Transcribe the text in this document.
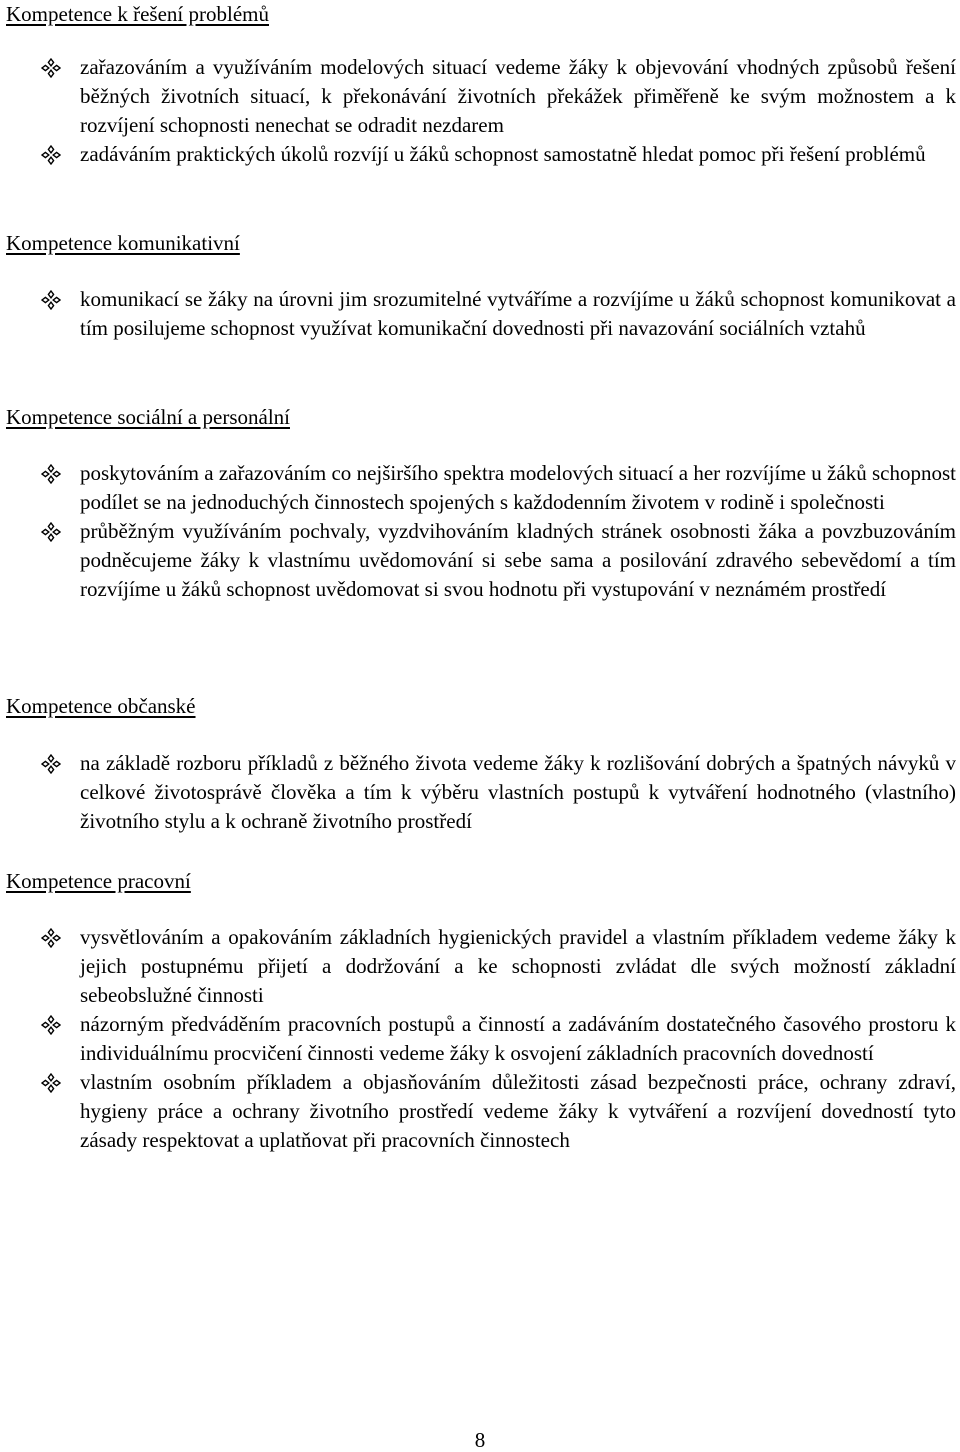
Kompetence k řešení problémů
zařazováním a využíváním modelových situací vedeme žáky k objevování vhodných způsobů řešení běžných životních situací, k překonávání životních překážek přiměřeně ke svým možnostem a k rozvíjení schopnosti nenechat se odradit nezdarem
zadáváním praktických úkolů rozvíjí u žáků schopnost samostatně hledat pomoc při řešení problémů
Kompetence komunikativní
komunikací se žáky na úrovni jim srozumitelné vytváříme a rozvíjíme u žáků schopnost komunikovat a tím posilujeme schopnost využívat komunikační dovednosti při navazování sociálních vztahů
Kompetence sociální a personální
poskytováním a zařazováním co nejširšího spektra modelových situací a her rozvíjíme u žáků schopnost podílet se na jednoduchých činnostech spojených s každodenním životem v rodině i společnosti
průběžným využíváním pochvaly, vyzdvihováním kladných stránek osobnosti žáka a povzbuzováním podněcujeme žáky k vlastnímu uvědomování si sebe sama a posilování zdravého sebevědomí a tím rozvíjíme u žáků schopnost uvědomovat si svou hodnotu při vystupování v neznámém prostředí
Kompetence občanské
na základě rozboru příkladů z běžného života vedeme žáky k rozlišování dobrých a špatných návyků v celkové životosprávě člověka a tím k výběru vlastních postupů k vytváření hodnotného (vlastního) životního stylu a k ochraně životního prostředí
Kompetence pracovní
vysvětlováním a opakováním základních hygienických pravidel a vlastním příkladem vedeme žáky k jejich postupnému přijetí a dodržování a ke schopnosti zvládat dle svých možností základní sebeobslužné činnosti
názorným předváděním pracovních postupů a činností a zadáváním dostatečného časového prostoru k individuálnímu procvičení činnosti vedeme žáky k osvojení základních pracovních dovedností
vlastním osobním příkladem a objasňováním důležitosti zásad bezpečnosti práce, ochrany zdraví, hygieny práce a ochrany životního prostředí vedeme žáky k vytváření a rozvíjení dovedností tyto zásady respektovat a uplatňovat při pracovních činnostech
8
